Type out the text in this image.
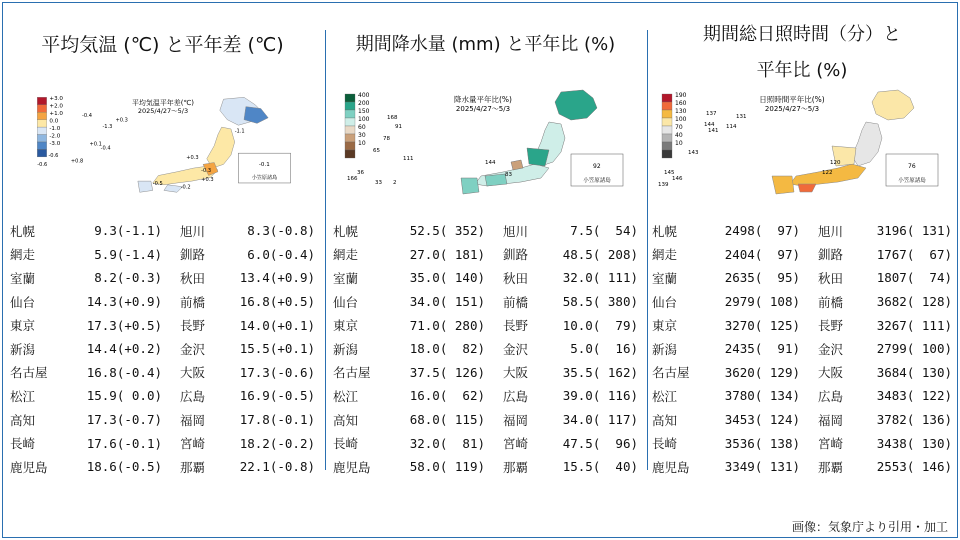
平均気温 (℃) と平年差 (℃)
+3.0
+2.0
+1.0
0.0
-1.0
-2.0
-3.0
平均気温平年差(℃)
2025/4/27～5/3
-0.4
-1.3
+0.3
+0.1
-0.4
-0.6
+0.8
-0.3
-0.5
-0.2
+0.3
-1.1
+0.3
-0.6	-0.1
小笠原諸島
札幌	9.3(-1.1)	旭川	8.3(-0.8)
網走	5.9(-1.4)	釧路	6.0(-0.4)
室蘭	8.2(-0.3)	秋田	13.4(+0.9)
仙台	14.3(+0.9)	前橋	16.8(+0.5)
東京	17.3(+0.5)	長野	14.0(+0.1)
新潟	14.4(+0.2)	金沢	15.5(+0.1)
名古屋	16.8(-0.4)	大阪	17.3(-0.6)
松江	15.9( 0.0)	広島	16.9(-0.5)
高知	17.3(-0.7)	福岡	17.8(-0.1)
長崎	17.6(-0.1)	宮崎	18.2(-0.2)
鹿児島	18.6(-0.5)	那覇	22.1(-0.8)
期間降水量 (mm) と平年比 (%)
400
200
150
100
60
30
10
降水量平年比(%)
2025/4/27～5/3
168
91
78
65
111
144
83
36
166
33 2
92
小笠原諸島
札幌	52.5( 352)	旭川	7.5(  54)
網走	27.0( 181)	釧路	48.5( 208)
室蘭	35.0( 140)	秋田	32.0( 111)
仙台	34.0( 151)	前橋	58.5( 380)
東京	71.0( 280)	長野	10.0(  79)
新潟	18.0(  82)	金沢	5.0(  16)
名古屋	37.5( 126)	大阪	35.5( 162)
松江	16.0(  62)	広島	39.0( 116)
高知	68.0( 115)	福岡	34.0( 117)
長崎	32.0(  81)	宮崎	47.5(  96)
鹿児島	58.0( 119)	那覇	15.5(  40)
期間総日照時間（分）と
平年比 (%)
190
160
130
100
70
40
10
日照時間平年比(%)
2025/4/27～5/3
137	131
144
141
114
143
120
122
146
145
139
76
小笠原諸島
札幌	2498(  97)	旭川	3196( 131)
網走	2404(  97)	釧路	1767(  67)
室蘭	2635(  95)	秋田	1807(  74)
仙台	2979( 108)	前橋	3682( 128)
東京	3270( 125)	長野	3267( 111)
新潟	2435(  91)	金沢	2799( 100)
名古屋	3620( 129)	大阪	3684( 130)
松江	3780( 134)	広島	3483( 122)
高知	3453( 124)	福岡	3782( 136)
長崎	3536( 138)	宮崎	3438( 130)
鹿児島	3349( 131)	那覇	2553( 146)
画像：気象庁より引用・加工
